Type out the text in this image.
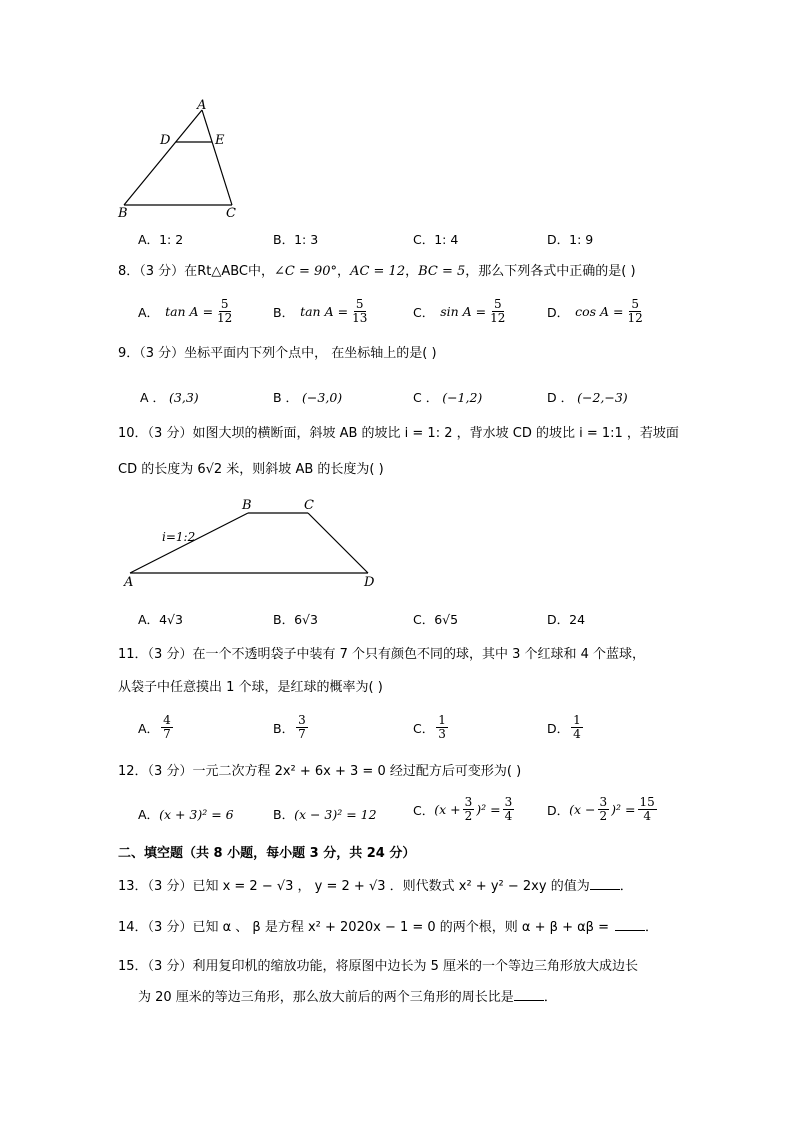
A
D	E
B	C
A．1: 2	B．1: 3	C．1: 4	D．1: 9
8．（3 分）在Rt△ABC中，∠C = 90°，AC = 12，BC = 5，那么下列各式中正确的是( )
A． $\tan A = \frac{5}{12}$	B． $\tan A = \frac{5}{13}$	C． $\sin A = \frac{5}{12}$	D． $\cos A = \frac{5}{12}$
9．（3 分）坐标平面内下列个点中， 在坐标轴上的是( )
A ． (3,3)	B ． (−3,0)	C ． (−1,2)	D ． (−2,−3)
10．（3 分）如图大坝的横断面，斜坡 AB 的坡比 i = 1: 2 ，背水坡 CD 的坡比 i = 1:1 ，若坡面
CD 的长度为 6√2 米，则斜坡 AB 的长度为( )
B	C
A	D
i=1:2
A．4√3	B．6√3	C．6√5	D．24
11．（3 分）在一个不透明袋子中装有 7 个只有颜色不同的球，其中 3 个红球和 4 个蓝球，
从袋子中任意摸出 1 个球，是红球的概率为( )
A． $\frac{4}{7}$	B． $\frac{3}{7}$	C． $\frac{1}{3}$	D． $\frac{1}{4}$
12．（3 分）一元二次方程 2x² + 6x + 3 = 0 经过配方后可变形为( )
A．(x + 3)² = 6	B．(x − 3)² = 12	C． $(x + \frac{3}{2} )^2 = \frac{3}{4}$	D． $(x - \frac{3}{2} )^2 = \frac{15}{4}$
二、填空题（共 8 小题，每小题 3 分，共 24 分）
13．（3 分）已知 x = 2 − √3 ， y = 2 + √3 ．则代数式 x² + y² − 2xy 的值为 ．
14．（3 分）已知 α 、 β 是方程 x² + 2020x − 1 = 0 的两个根，则 α + β + αβ =	．
15．（3 分）利用复印机的缩放功能，将原图中边长为 5 厘米的一个等边三角形放大成边长
为 20 厘米的等边三角形，那么放大前后的两个三角形的周长比是 ．
